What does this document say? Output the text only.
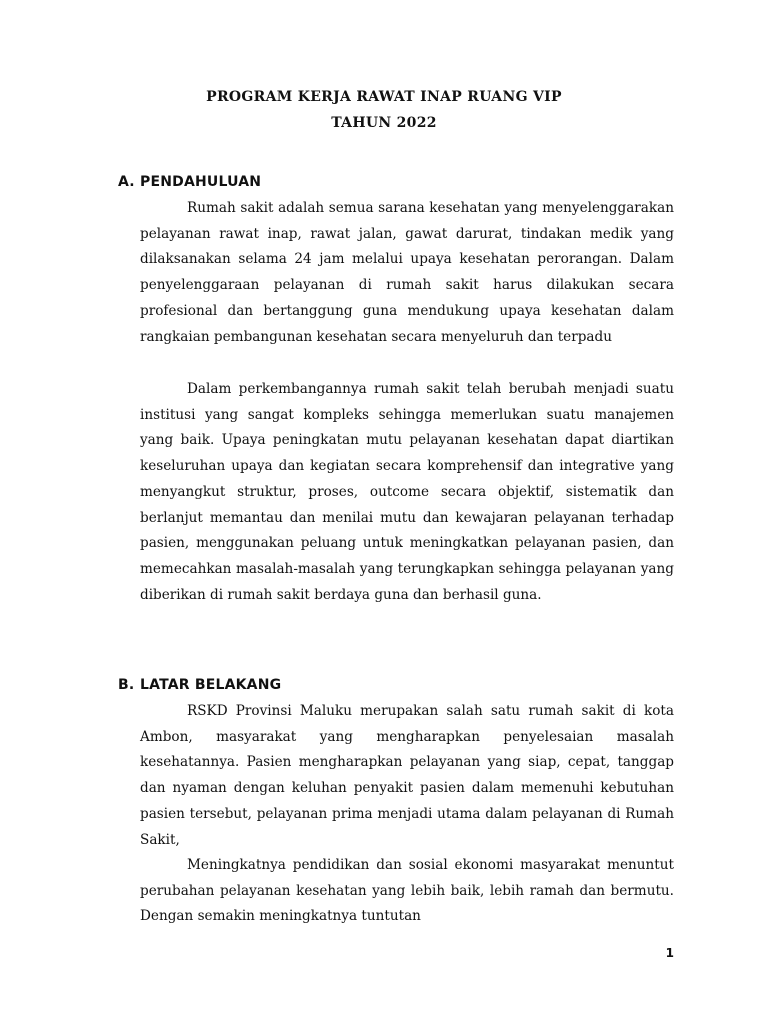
PROGRAM KERJA RAWAT INAP RUANG VIP
TAHUN 2022
A. PENDAHULUAN

Rumah sakit adalah semua sarana kesehatan yang menyelenggarakan pelayanan rawat inap, rawat jalan, gawat darurat, tindakan medik yang dilaksanakan selama 24 jam melalui upaya kesehatan perorangan. Dalam penyelenggaraan pelayanan di rumah sakit harus dilakukan secara profesional dan bertanggung guna mendukung upaya kesehatan dalam rangkaian pembangunan kesehatan secara menyeluruh dan terpadu

Dalam perkembangannya rumah sakit telah berubah menjadi suatu institusi yang sangat kompleks sehingga memerlukan suatu manajemen yang baik. Upaya peningkatan mutu pelayanan kesehatan dapat diartikan keseluruhan upaya dan kegiatan secara komprehensif dan integrative yang menyangkut struktur, proses, outcome secara objektif, sistematik dan berlanjut memantau dan menilai mutu dan kewajaran pelayanan terhadap pasien, menggunakan peluang untuk meningkatkan pelayanan pasien, dan memecahkan masalah-masalah yang terungkapkan sehingga pelayanan yang diberikan di rumah sakit berdaya guna dan berhasil guna.

B. LATAR BELAKANG

RSKD Provinsi Maluku merupakan salah satu rumah sakit di kota Ambon, masyarakat yang mengharapkan penyelesaian masalah kesehatannya. Pasien mengharapkan pelayanan yang siap, cepat, tanggap dan nyaman dengan keluhan penyakit pasien dalam memenuhi kebutuhan pasien tersebut, pelayanan prima menjadi utama dalam pelayanan di Rumah Sakit,

Meningkatnya pendidikan dan sosial ekonomi masyarakat menuntut perubahan pelayanan kesehatan yang lebih baik, lebih ramah dan bermutu. Dengan semakin meningkatnya tuntutan

1
